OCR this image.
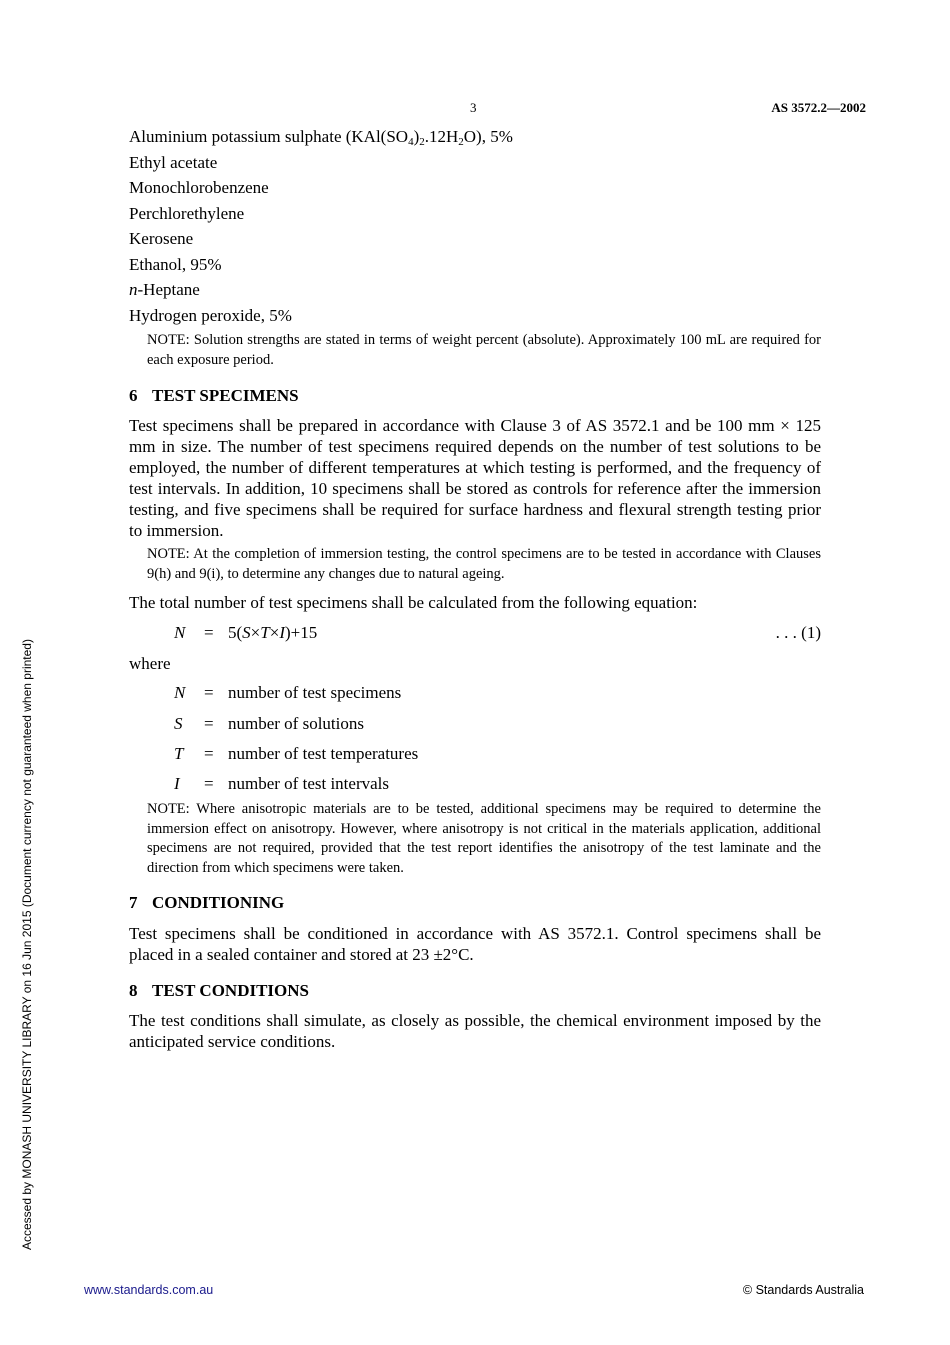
3	AS 3572.2—2002
Aluminium potassium sulphate $(KAl(SO_4)_2.12H_2O)$, 5%
Ethyl acetate
Monochlorobenzene
Perchlorethylene
Kerosene
Ethanol, 95%
n-Heptane
Hydrogen peroxide, 5%
NOTE: Solution strengths are stated in terms of weight percent (absolute). Approximately 100 mL are required for each exposure period.
6 TEST SPECIMENS
Test specimens shall be prepared in accordance with Clause 3 of AS 3572.1 and be 100 mm × 125 mm in size. The number of test specimens required depends on the number of test solutions to be employed, the number of different temperatures at which testing is performed, and the frequency of test intervals. In addition, 10 specimens shall be stored as controls for reference after the immersion testing, and five specimens shall be required for surface hardness and flexural strength testing prior to immersion.
NOTE: At the completion of immersion testing, the control specimens are to be tested in accordance with Clauses 9(h) and 9(i), to determine any changes due to natural ageing.
The total number of test specimens shall be calculated from the following equation:
N = 5(S×T×I)+15	. . . (1)
where
N = number of test specimens
S = number of solutions
T = number of test temperatures
I = number of test intervals
NOTE: Where anisotropic materials are to be tested, additional specimens may be required to determine the immersion effect on anisotropy. However, where anisotropy is not critical in the materials application, additional specimens are not required, provided that the test report identifies the anisotropy of the test laminate and the direction from which specimens were taken.
7 CONDITIONING
Test specimens shall be conditioned in accordance with AS 3572.1. Control specimens shall be placed in a sealed container and stored at 23 ±2°C.
8 TEST CONDITIONS
The test conditions shall simulate, as closely as possible, the chemical environment imposed by the anticipated service conditions.
Accessed by MONASH UNIVERSITY LIBRARY on 16 Jun 2015 (Document currency not guaranteed when printed)
www.standards.com.au	© Standards Australia
